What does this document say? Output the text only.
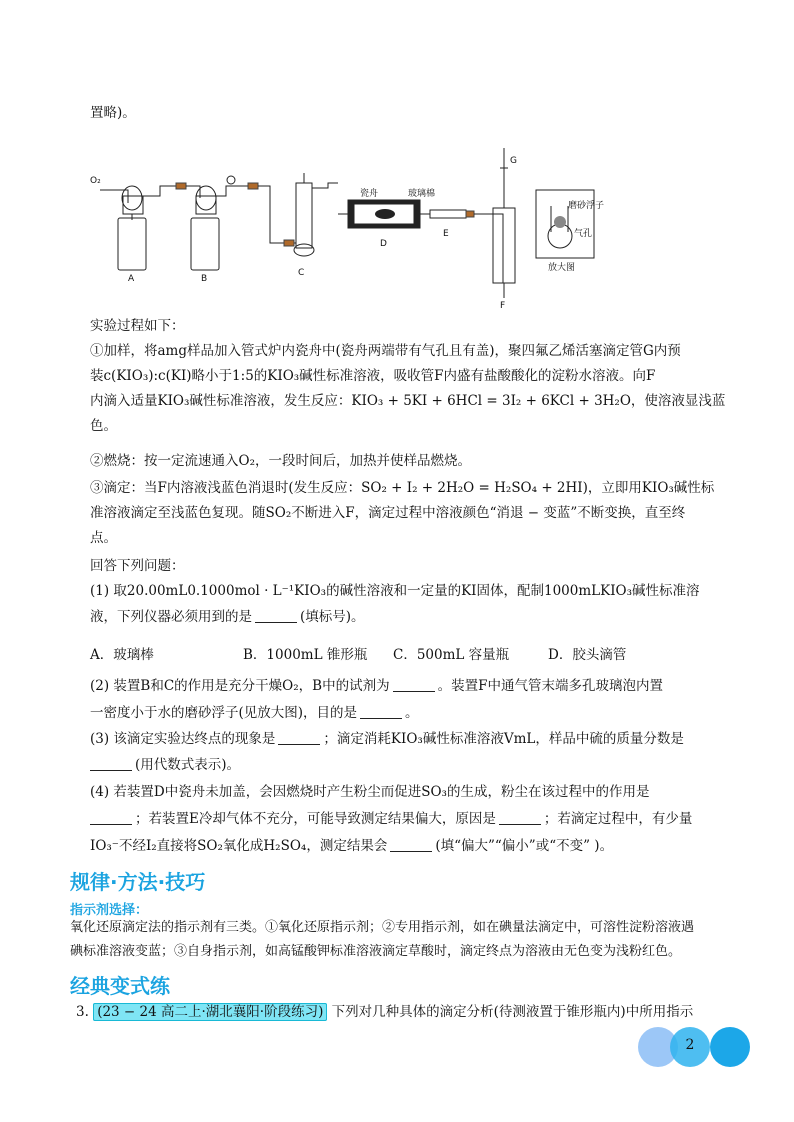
置略)。
O₂
A	B
C
D
E
F
G
瓷舟	玻璃棉
磨砂浮子
气孔
放大图
实验过程如下：
①加样，将amg样品加入管式炉内瓷舟中(瓷舟两端带有气孔且有盖)，聚四氟乙烯活塞滴定管G内预
装c(KIO₃):c(KI)略小于1:5的KIO₃碱性标准溶液，吸收管F内盛有盐酸酸化的淀粉水溶液。向F
内滴入适量KIO₃碱性标准溶液，发生反应：KIO₃ + 5KI + 6HCl = 3I₂ + 6KCl + 3H₂O，使溶液显浅蓝
色。
②燃烧：按一定流速通入O₂，一段时间后，加热并使样品燃烧。
③滴定：当F内溶液浅蓝色消退时(发生反应：SO₂ + I₂ + 2H₂O = H₂SO₄ + 2HI)，立即用KIO₃碱性标
准溶液滴定至浅蓝色复现。随SO₂不断进入F，滴定过程中溶液颜色“消退 − 变蓝”不断变换，直至终
点。
回答下列问题：
(1) 取20.00mL0.1000mol · L⁻¹KIO₃的碱性溶液和一定量的KI固体，配制1000mLKIO₃碱性标准溶
液，下列仪器必须用到的是	(填标号)。
A．玻璃棒	B．1000mL 锥形瓶 C．500mL 容量瓶	D．胶头滴管
(2) 装置B和C的作用是充分干燥O₂，B中的试剂为	。装置F中通气管末端多孔玻璃泡内置
一密度小于水的磨砂浮子(见放大图)，目的是	。
(3) 该滴定实验达终点的现象是	；滴定消耗KIO₃碱性标准溶液VmL，样品中硫的质量分数是
(用代数式表示)。
(4) 若装置D中瓷舟未加盖，会因燃烧时产生粉尘而促进SO₃的生成，粉尘在该过程中的作用是
；若装置E冷却气体不充分，可能导致测定结果偏大，原因是	；若滴定过程中，有少量
IO₃⁻不经I₂直接将SO₂氧化成H₂SO₄，测定结果会	(填“偏大”“偏小”或“不变” )。
规律·方法·技巧
指示剂选择：
氧化还原滴定法的指示剂有三类。①氧化还原指示剂；②专用指示剂，如在碘量法滴定中，可溶性淀粉溶液遇
碘标准溶液变蓝；③自身指示剂，如高锰酸钾标准溶液滴定草酸时，滴定终点为溶液由无色变为浅粉红色。
经典变式练
3. (23 − 24 高二上·湖北襄阳·阶段练习) 下列对几种具体的滴定分析(待测液置于锥形瓶内)中所用指示
2
